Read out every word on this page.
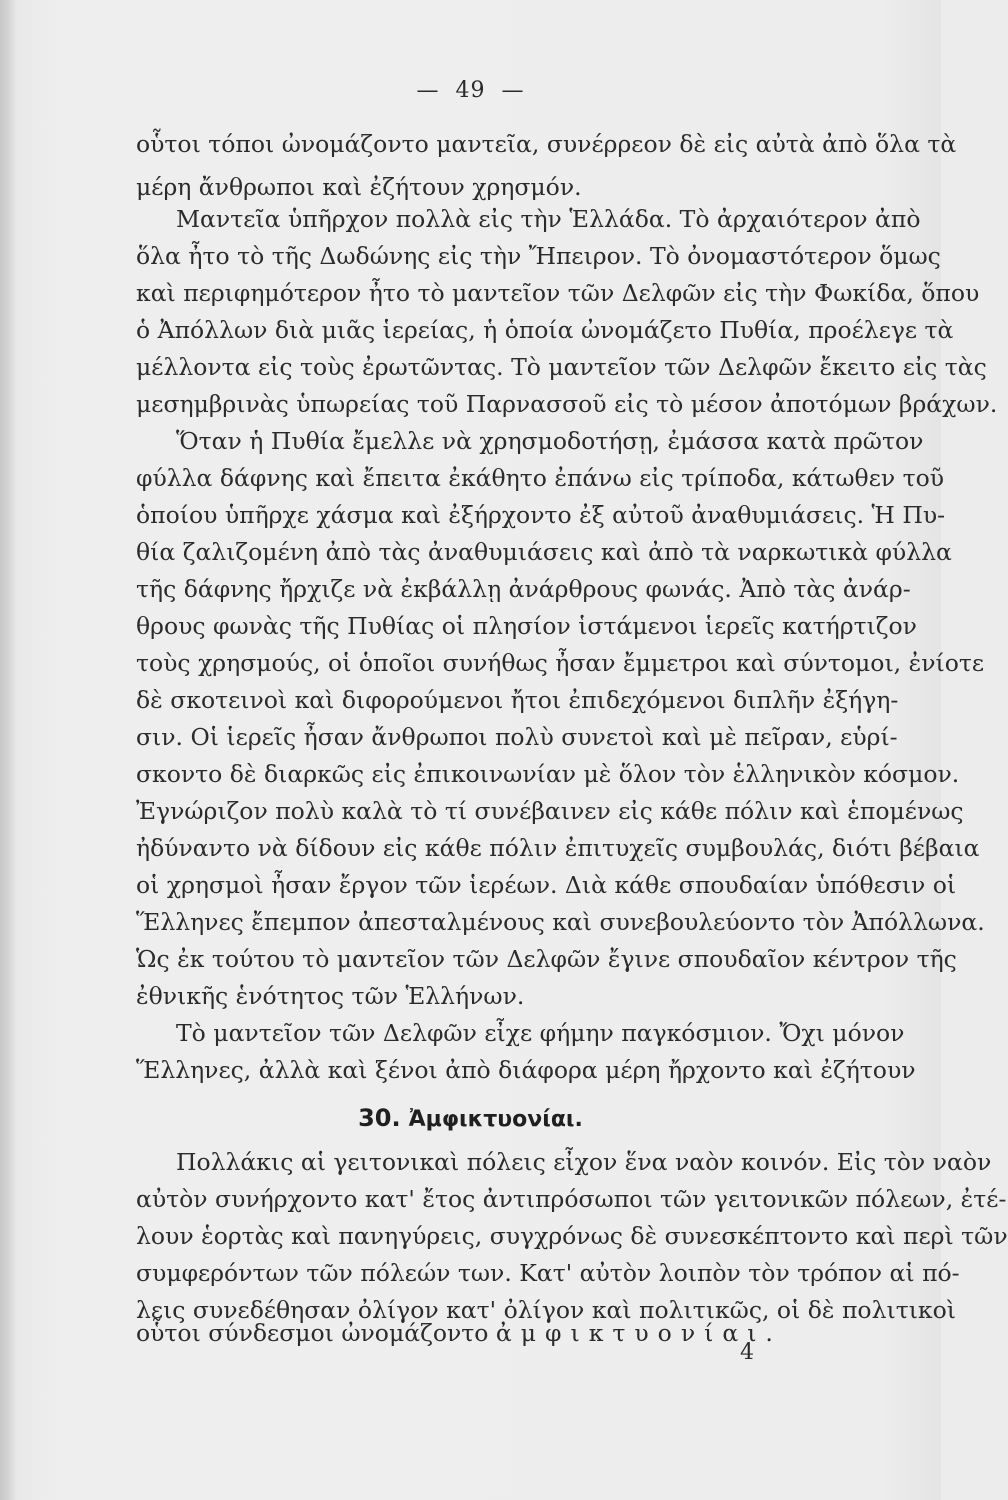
— 49 —
οὗτοι τόποι ὠνομάζοντο μαντεῖα, συνέρρεον δὲ εἰς αὐτὰ ἀπὸ ὅλα τὰ
μέρη ἄνθρωποι καὶ ἐζήτουν χρησμόν.
Μαντεῖα ὑπῆρχον πολλὰ εἰς τὴν Ἑλλάδα. Τὸ ἀρχαιότερον ἀπὸ
ὅλα ἦτο τὸ τῆς Δωδώνης εἰς τὴν Ἤπειρον. Τὸ ὀνομαστότερον ὅμως
καὶ περιφημότερον ἦτο τὸ μαντεῖον τῶν Δελφῶν εἰς τὴν Φωκίδα, ὅπου
ὁ Ἀπόλλων διὰ μιᾶς ἱερείας, ἡ ὁποία ὠνομάζετο Πυθία, προέλεγε τὰ
μέλλοντα εἰς τοὺς ἐρωτῶντας. Τὸ μαντεῖον τῶν Δελφῶν ἔκειτο εἰς τὰς
μεσημβρινὰς ὑπωρείας τοῦ Παρνασσοῦ εἰς τὸ μέσον ἀποτόμων βράχων.
Ὅταν ἡ Πυθία ἔμελλε νὰ χρησμοδοτήσῃ, ἐμάσσα κατὰ πρῶτον
φύλλα δάφνης καὶ ἔπειτα ἐκάθητο ἐπάνω εἰς τρίποδα, κάτωθεν τοῦ
ὁποίου ὑπῆρχε χάσμα καὶ ἐξήρχοντο ἐξ αὐτοῦ ἀναθυμιάσεις. Ἡ Πυ-
θία ζαλιζομένη ἀπὸ τὰς ἀναθυμιάσεις καὶ ἀπὸ τὰ ναρκωτικὰ φύλλα
τῆς δάφνης ἤρχιζε νὰ ἐκβάλλῃ ἀνάρθρους φωνάς. Ἀπὸ τὰς ἀνάρ-
θρους φωνὰς τῆς Πυθίας οἱ πλησίον ἱστάμενοι ἱερεῖς κατήρτιζον
τοὺς χρησμούς, οἱ ὁποῖοι συνήθως ἦσαν ἔμμετροι καὶ σύντομοι, ἐνίοτε
δὲ σκοτεινοὶ καὶ διφορούμενοι ἤτοι ἐπιδεχόμενοι διπλῆν ἐξήγη-
σιν. Οἱ ἱερεῖς ἦσαν ἄνθρωποι πολὺ συνετοὶ καὶ μὲ πεῖραν, εὑρί-
σκοντο δὲ διαρκῶς εἰς ἐπικοινωνίαν μὲ ὅλον τὸν ἑλληνικὸν κόσμον.
Ἐγνώριζον πολὺ καλὰ τὸ τί συνέβαινεν εἰς κάθε πόλιν καὶ ἑπομένως
ἠδύναντο νὰ δίδουν εἰς κάθε πόλιν ἐπιτυχεῖς συμβουλάς, διότι βέβαια
οἱ χρησμοὶ ἦσαν ἔργον τῶν ἱερέων. Διὰ κάθε σπουδαίαν ὑπόθεσιν οἱ
Ἕλληνες ἔπεμπον ἀπεσταλμένους καὶ συνεβουλεύοντο τὸν Ἀπόλλωνα.
Ὡς ἐκ τούτου τὸ μαντεῖον τῶν Δελφῶν ἔγινε σπουδαῖον κέντρον τῆς
ἐθνικῆς ἑνότητος τῶν Ἑλλήνων.
Τὸ μαντεῖον τῶν Δελφῶν εἶχε φήμην παγκόσμιον. Ὄχι μόνον
Ἕλληνες, ἀλλὰ καὶ ξένοι ἀπὸ διάφορα μέρη ἤρχοντο καὶ ἐζήτουν
30. Ἀμφικτυονίαι.
Πολλάκις αἱ γειτονικαὶ πόλεις εἶχον ἕνα ναὸν κοινόν. Εἰς τὸν ναὸν
αὐτὸν συνήρχοντο κατ' ἔτος ἀντιπρόσωποι τῶν γειτονικῶν πόλεων, ἐτέ-
λουν ἑορτὰς καὶ πανηγύρεις, συγχρόνως δὲ συνεσκέπτοντο καὶ περὶ τῶν
συμφερόντων τῶν πόλεών των. Κατ' αὐτὸν λοιπὸν τὸν τρόπον αἱ πό-
λεις συνεδέθησαν ὀλίγον κατ' ὀλίγον καὶ πολιτικῶς, οἱ δὲ πολιτικοὶ
οὗτοι σύνδεσμοι ὠνομάζοντο ἀμφικτυονίαι.
4
